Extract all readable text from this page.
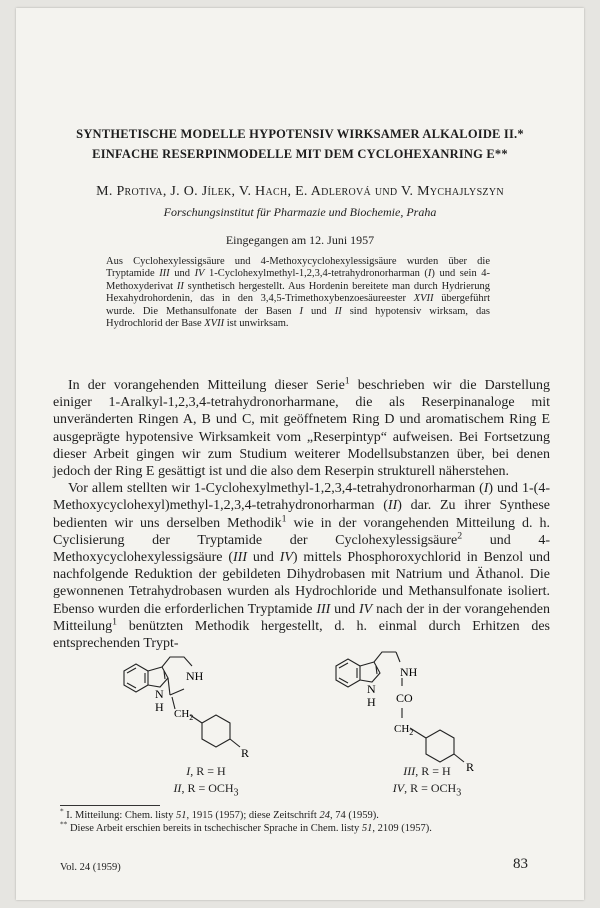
SYNTHETISCHE MODELLE HYPOTENSIV WIRKSAMER ALKALOIDE II.*
EINFACHE RESERPINMODELLE MIT DEM CYCLOHEXANRING E**
M. Protiva, J. O. Jílek, V. Hach, E. Adlerová und V. Mychajlyszyn
Forschungsinstitut für Pharmazie und Biochemie, Praha
Eingegangen am 12. Juni 1957
Aus Cyclohexylessigsäure und 4-Methoxycyclohexylessigsäure wurden über die Tryptamide III und IV 1-Cyclohexylmethyl-1,2,3,4-tetrahydronorharman (I) und sein 4-Methoxyderivat II synthetisch hergestellt. Aus Hordenin bereitete man durch Hydrierung Hexahydrohordenin, das in den 3,4,5-Trimethoxybenzoesäureester XVII übergeführt wurde. Die Methansulfonate der Basen I und II sind hypotensiv wirksam, das Hydrochlorid der Base XVII ist unwirksam.

In der vorangehenden Mitteilung dieser Serie$^1$ beschrieben wir die Darstellung einiger 1-Aralkyl-1,2,3,4-tetrahydronorharmane, die als Reserpinanaloge mit unveränderten Ringen A, B und C, mit geöffnetem Ring D und aromatischem Ring E ausgeprägte hypotensive Wirksamkeit vom „Reserpintyp“ aufweisen. Bei Fortsetzung dieser Arbeit gingen wir zum Studium weiterer Modellsubstanzen über, bei denen jedoch der Ring E gesättigt ist und die also dem Reserpin strukturell näherstehen.

Vor allem stellten wir 1-Cyclohexylmethyl-1,2,3,4-tetrahydronorharman (I) und 1-(4-Methoxycyclohexyl)methyl-1,2,3,4-tetrahydronorharman (II) dar. Zu ihrer Synthese bedienten wir uns derselben Methodik$^1$ wie in der vorangehenden Mitteilung d. h. Cyclisierung der Tryptamide der Cyclohexylessigsäure$^2$ und 4-Methoxycyclohexylessigsäure (III und IV) mittels Phosphoroxychlorid in Benzol und nachfolgende Reduktion der gebildeten Dihydrobasen mit Natrium und Äthanol. Die gewonnenen Tetrahydrobasen wurden als Hydrochloride und Methansulfonate isoliert. Ebenso wurden die erforderlichen Tryptamide III und IV nach der in der vorangehenden Mitteilung$^1$ benützten Methodik hergestellt, d. h. einmal durch Erhitzen des entsprechenden Trypt-

NH
N
H $CH_2$
R
NH
N
H CO
$CH_2$
R
I, R = H
II, $R = OCH_3$
III, R = H
IV, $R = OCH_3$
* I. Mitteilung: Chem. listy 51, 1915 (1957); diese Zeitschrift 24, 74 (1959).
** Diese Arbeit erschien bereits in tschechischer Sprache in Chem. listy 51, 2109 (1957).
Vol. 24 (1959)	83
